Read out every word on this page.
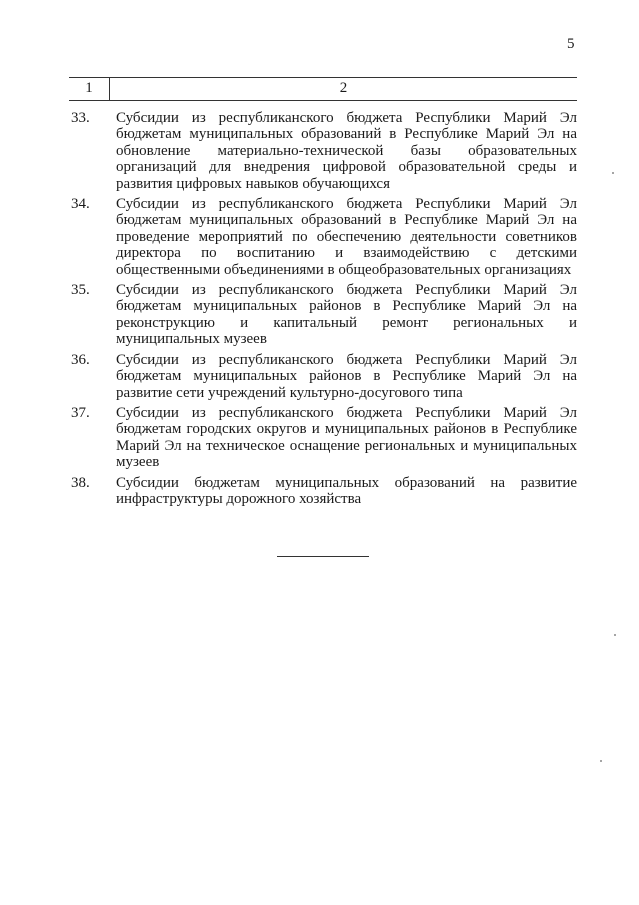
5
1	2
33.	Субсидии из республиканского бюджета Республики Марий Эл бюджетам муниципальных образований в Республике Марий Эл на обновление материально-технической базы образовательных организаций для внедрения цифровой образовательной среды и развития цифровых навыков обучающихся
34.	Субсидии из республиканского бюджета Республики Марий Эл бюджетам муниципальных образований в Республике Марий Эл на проведение мероприятий по обеспечению деятельности советников директора по воспитанию и взаимодействию с детскими общественными объединениями в общеобразовательных организациях
35.	Субсидии из республиканского бюджета Республики Марий Эл бюджетам муниципальных районов в Республике Марий Эл на реконструкцию и капитальный ремонт региональных и муниципальных музеев
36.	Субсидии из республиканского бюджета Республики Марий Эл бюджетам муниципальных районов в Республике Марий Эл на развитие сети учреждений культурно-досугового типа
37.	Субсидии из республиканского бюджета Республики Марий Эл бюджетам городских округов и муниципальных районов в Республике Марий Эл на техническое оснащение региональных и муниципальных музеев
38.	Субсидии бюджетам муниципальных образований на развитие инфраструктуры дорожного хозяйства
